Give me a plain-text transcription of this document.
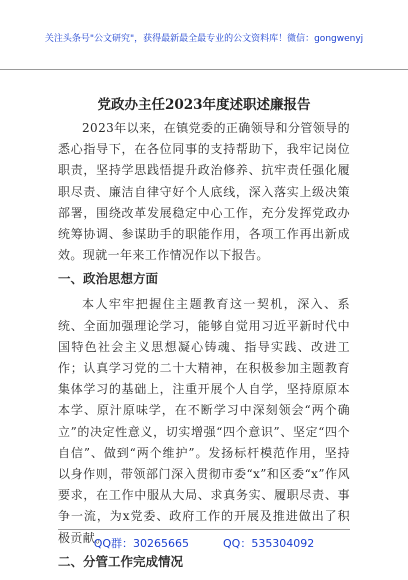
关注头条号"公文研究"，获得最新最全最专业的公文资料库！微信：gongwenyj
党政办主任2023年度述职述廉报告

2023年以来，在镇党委的正确领导和分管领导的悉心指导下，在各位同事的支持帮助下，我牢记岗位职责，坚持学思践悟提升政治修养、抗牢责任强化履职尽责、廉洁自律守好个人底线，深入落实上级决策部署，围绕改革发展稳定中心工作，充分发挥党政办统筹协调、参谋助手的职能作用，各项工作再出新成效。现就一年来工作情况作以下报告。

一、政治思想方面

本人牢牢把握住主题教育这一契机，深入、系统、全面加强理论学习，能够自觉用习近平新时代中国特色社会主义思想凝心铸魂、指导实践、改进工作；认真学习党的二十大精神，在积极参加主题教育集体学习的基础上，注重开展个人自学，坚持原原本本学、原汁原味学，在不断学习中深刻领会“两个确立”的决定性意义，切实增强“四个意识”、坚定“四个自信”、做到“两个维护”。发扬标杆模范作用，坚持以身作则，带领部门深入贯彻市委“x”和区委“x”作风要求，在工作中服从大局、求真务实、履职尽责、事争一流，为x党委、政府工作的开展及推进做出了积极贡献。

二、分管工作完成情况
QQ群：30265665	QQ：535304092
